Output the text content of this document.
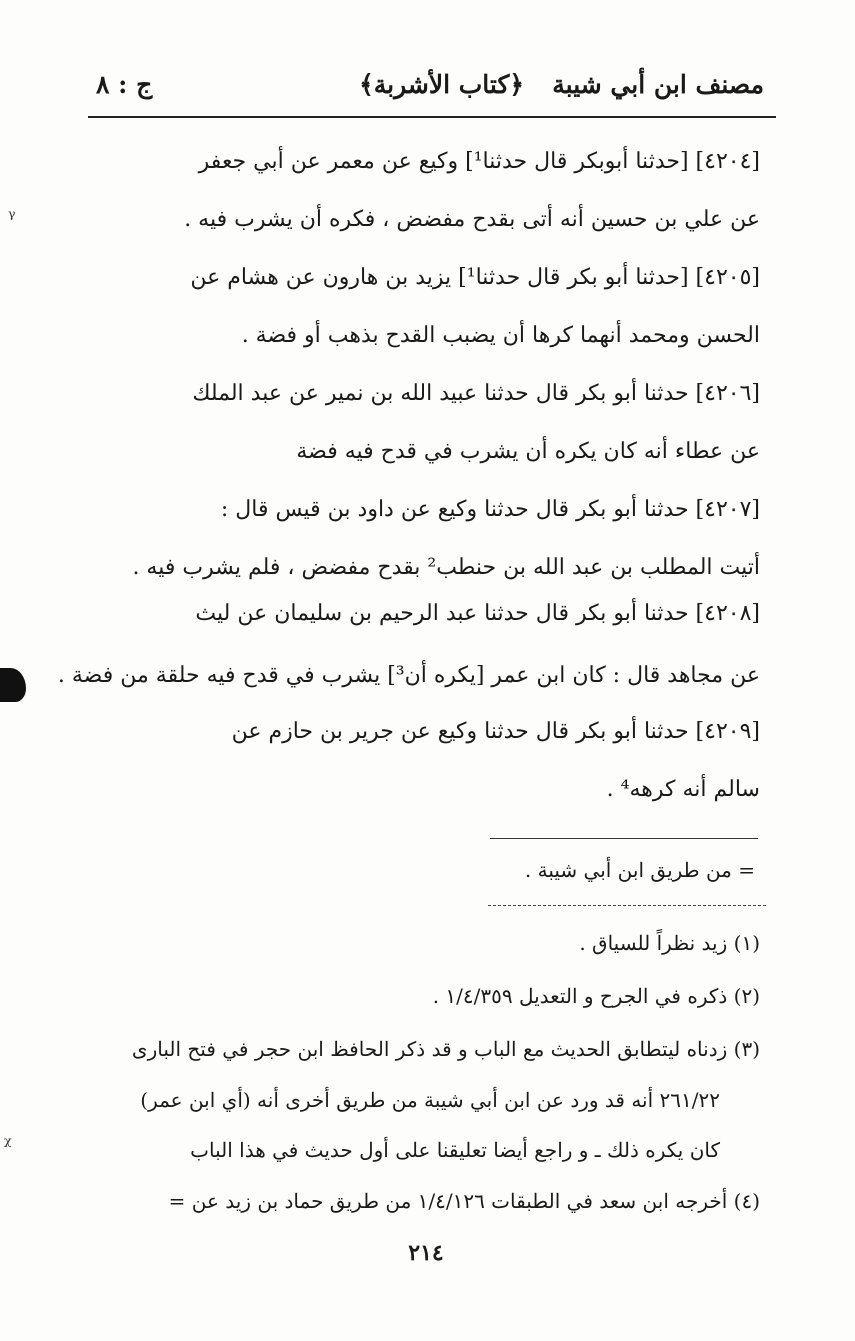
مصنف ابن أبي شيبة
﴿كتاب الأشربة﴾
ج : ٨
[٤٢٠٤] [حدثنا أبوبكر قال حدثنا¹] وكيع عن معمر عن أبي جعفر
عن علي بن حسين أنه أتى بقدح مفضض ، فكره أن يشرب فيه .
[٤٢٠٥] [حدثنا أبو بكر قال حدثنا¹] يزيد بن هارون عن هشام عن
الحسن ومحمد أنهما كرها أن يضبب القدح بذهب أو فضة .
[٤٢٠٦] حدثنا أبو بكر قال حدثنا عبيد الله بن نمير عن عبد الملك
عن عطاء أنه كان يكره أن يشرب في قدح فيه فضة
[٤٢٠٧] حدثنا أبو بكر قال حدثنا وكيع عن داود بن قيس قال :
أتيت المطلب بن عبد الله بن حنطب² بقدح مفضض ، فلم يشرب فيه .
[٤٢٠٨] حدثنا أبو بكر قال حدثنا عبد الرحيم بن سليمان عن ليث
عن مجاهد قال : كان ابن عمر [يكره أن³] يشرب في قدح فيه حلقة من فضة .
[٤٢٠٩] حدثنا أبو بكر قال حدثنا وكيع عن جرير بن حازم عن
سالم أنه كرهه⁴ .
= من طريق ابن أبي شيبة .
(١) زيد نظراً للسياق .
(٢) ذكره في الجرح و التعديل ١/٤/٣٥٩ .
(٣) زدناه ليتطابق الحديث مع الباب و قد ذكر الحافظ ابن حجر في فتح البارى
٢٦١/٢٢ أنه قد ورد عن ابن أبي شيبة من طريق أخرى أنه (أي ابن عمر)
كان يكره ذلك ـ و راجع أيضا تعليقنا على أول حديث في هذا الباب
(٤) أخرجه ابن سعد في الطبقات ١/٤/١٢٦ من طريق حماد بن زيد عن =
٢١٤
ᵞ
ᵡ
